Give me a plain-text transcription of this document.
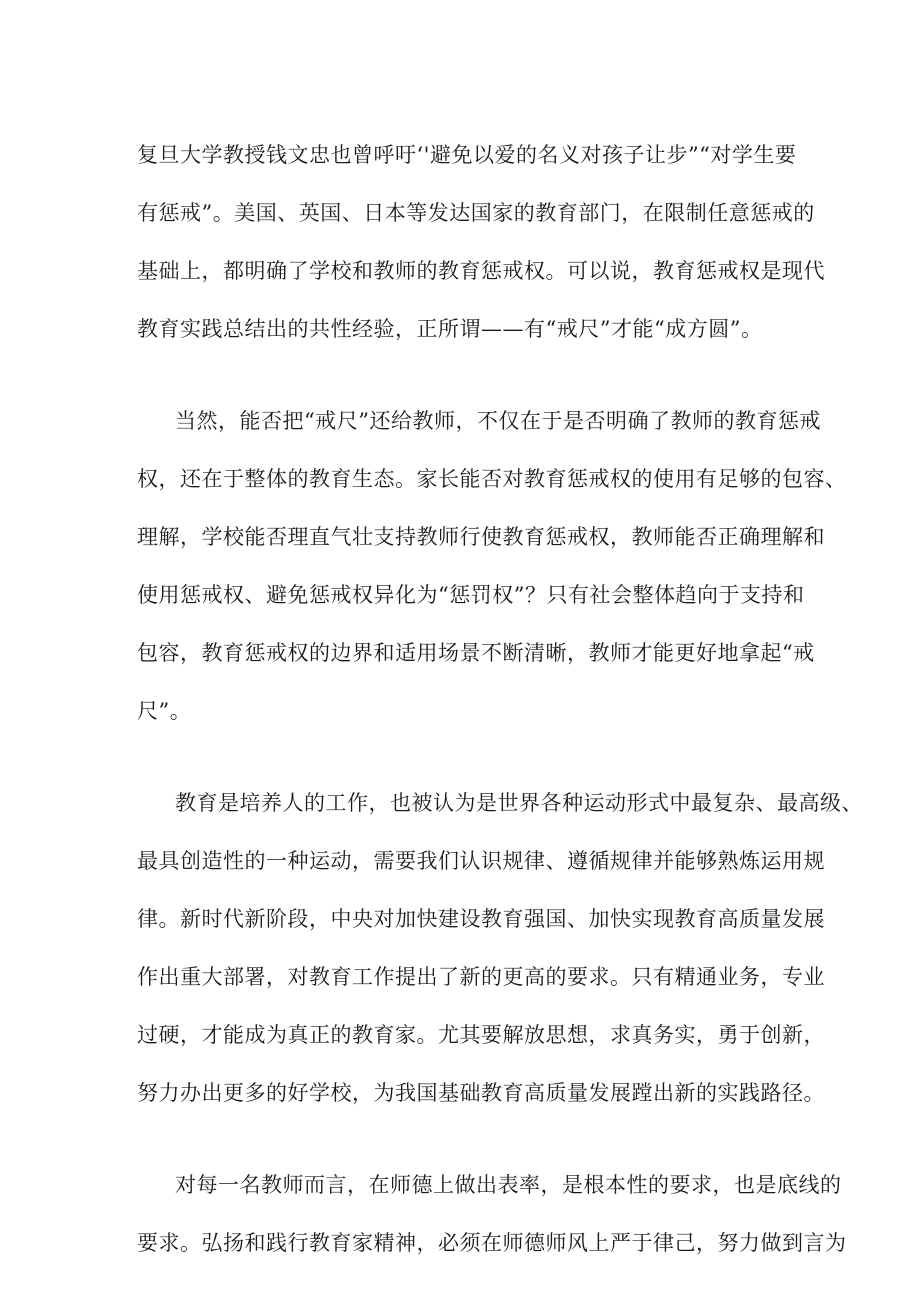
复旦大学教授钱文忠也曾呼吁‘'避免以爱的名义对孩子让步”“对学生要
有惩戒”。美国、英国、日本等发达国家的教育部门，在限制任意惩戒的
基础上，都明确了学校和教师的教育惩戒权。可以说，教育惩戒权是现代
教育实践总结出的共性经验，正所谓——有“戒尺”才能“成方圆”。

当然，能否把“戒尺”还给教师，不仅在于是否明确了教师的教育惩戒
权，还在于整体的教育生态。家长能否对教育惩戒权的使用有足够的包容、
理解，学校能否理直气壮支持教师行使教育惩戒权，教师能否正确理解和
使用惩戒权、避免惩戒权异化为“惩罚权”？只有社会整体趋向于支持和
包容，教育惩戒权的边界和适用场景不断清晰，教师才能更好地拿起“戒
尺”。

教育是培养人的工作，也被认为是世界各种运动形式中最复杂、最高级、
最具创造性的一种运动，需要我们认识规律、遵循规律并能够熟炼运用规
律。新时代新阶段，中央对加快建设教育强国、加快实现教育高质量发展
作出重大部署，对教育工作提出了新的更高的要求。只有精通业务，专业
过硬，才能成为真正的教育家。尤其要解放思想，求真务实，勇于创新，
努力办出更多的好学校，为我国基础教育高质量发展蹚出新的实践路径。

对每一名教师而言，在师德上做出表率，是根本性的要求，也是底线的
要求。弘扬和践行教育家精神，必须在师德师风上严于律己，努力做到言为
